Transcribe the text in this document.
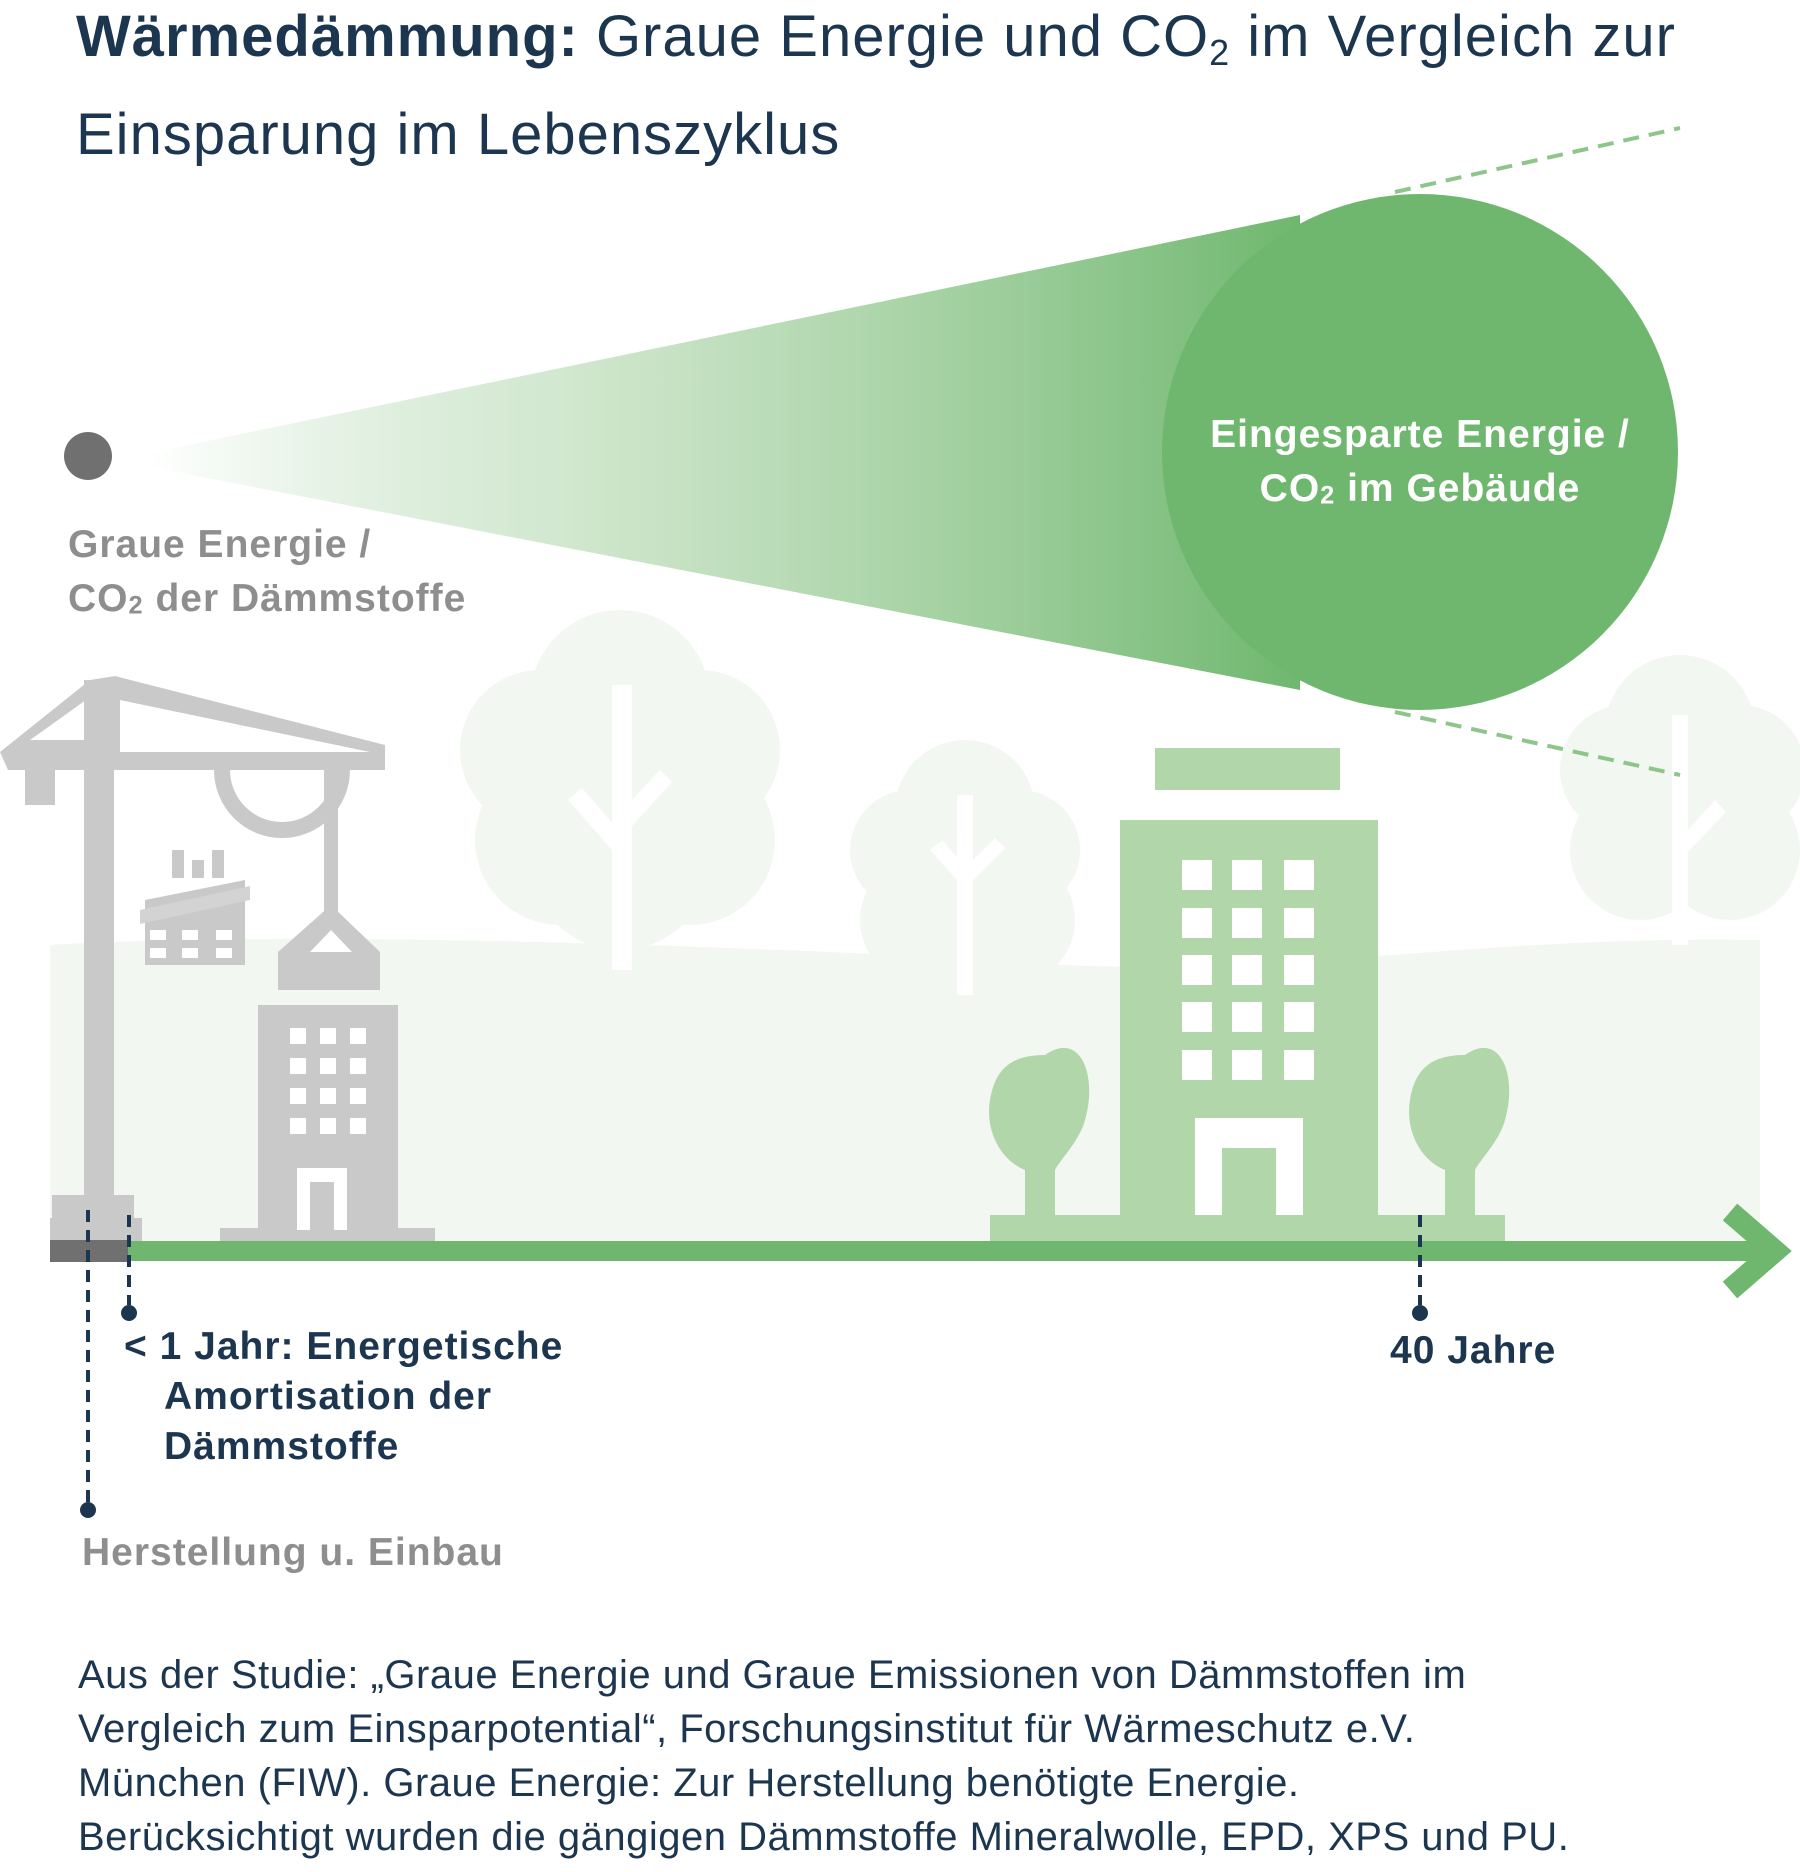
Wärmedämmung: Graue Energie und $CO_2$ im Vergleich zur Einsparung im Lebenszyklus
Graue Energie /
CO2 der Dämmstoffe
Eingesparte Energie /
CO2 im Gebäude
< 1 Jahr: Energetische
Amortisation der
Dämmstoffe
40 Jahre
Herstellung u. Einbau
Aus der Studie: „Graue Energie und Graue Emissionen von Dämmstoffen im
Vergleich zum Einsparpotential“, Forschungsinstitut für Wärmeschutz e.V.
München (FIW). Graue Energie: Zur Herstellung benötigte Energie.
Berücksichtigt wurden die gängigen Dämmstoffe Mineralwolle, EPD, XPS und PU.
